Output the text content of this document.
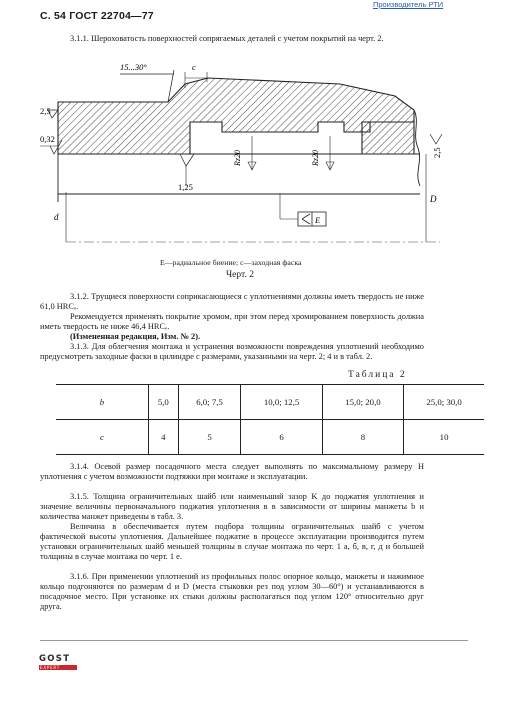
Производитель РТИ
С. 54 ГОСТ 22704—77
3.1.1. Шероховатость поверхностей сопрягаемых деталей с учетом покрытий на черт. 2.
15...30°	c
2,5
0,32
1,25
Rz20	Rz20	2,5
d
D
E
E—радиальное биение; c—заходная фаска
Черт. 2
3.1.2. Трущиеся поверхности соприкасающиеся с уплотнениями должны иметь твердость не ниже 61,0 HRCₑ.
Рекомендуется применять покрытие хромом, при этом перед хромированием поверхность должна иметь твердость не ниже 46,4 HRCₑ.
(Измененная редакция, Изм. № 2).
3.1.3. Для облегчения монтажа и устранения возможности повреждения уплотнений необходимо предусмотреть заходные фаски в цилиндре с размерами, указанными на черт. 2; 4 и в табл. 2.
Таблица 2
b	5,0	6,0; 7,5	10,0; 12,5	15,0; 20,0	25,0; 30,0
c	4	5	6	8	10
3.1.4. Осевой размер посадочного места следует выполнять по максимальному размеру H уплотнения с учетом возможности подтяжки при монтаже и эксплуатации.
3.1.5. Толщина ограничительных шайб или наименьший зазор K до поджатия уплотнения и значение величины первоначального поджатия уплотнения в в зависимости от ширины манжеты b и количества манжет приведены в табл. 3.
Величина в обеспечивается путем подбора толщины ограничительных шайб с учетом фактической высоты уплотнения. Дальнейшее поджатие в процессе эксплуатации производится путем установки ограничительных шайб меньшей толщины в случае монтажа по черт. 1 a, б, в, г, д и большей толщины в случае монтажа по черт. 1 e.
3.1.6. При применении уплотнений из профильных полос опорное кольцо, манжеты и нажимное кольцо подгоняются по размерам d и D (места стыковки рез под углом 30—60°) и устанавливаются в посадочное место. При установке их стыки должны располагаться под углом 120° относительно друг друга.
GOST
EXPERT
